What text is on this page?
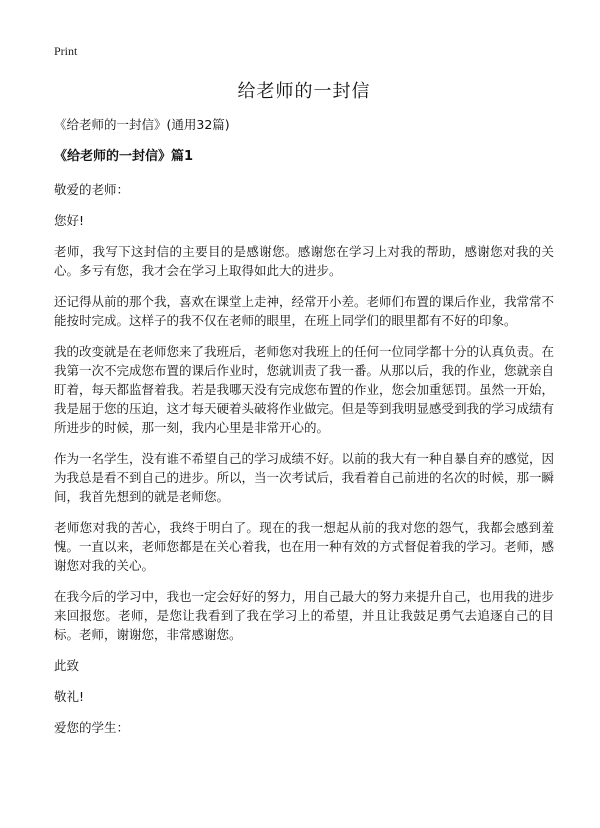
Print
给老师的一封信

《给老师的一封信》(通用32篇)

《给老师的一封信》篇1

敬爱的老师：

您好!

老师，我写下这封信的主要目的是感谢您。感谢您在学习上对我的帮助，感谢您对我的关心。多亏有您，我才会在学习上取得如此大的进步。

还记得从前的那个我，喜欢在课堂上走神，经常开小差。老师们布置的课后作业，我常常不能按时完成。这样子的我不仅在老师的眼里，在班上同学们的眼里都有不好的印象。

我的改变就是在老师您来了我班后，老师您对我班上的任何一位同学都十分的认真负责。在我第一次不完成您布置的课后作业时，您就训责了我一番。从那以后，我的作业，您就亲自盯着，每天都监督着我。若是我哪天没有完成您布置的作业，您会加重惩罚。虽然一开始，我是屈于您的压迫，这才每天硬着头破将作业做完。但是等到我明显感受到我的学习成绩有所进步的时候，那一刻，我内心里是非常开心的。

作为一名学生，没有谁不希望自己的学习成绩不好。以前的我大有一种自暴自弃的感觉，因为我总是看不到自己的进步。所以，当一次考试后，我看着自己前进的名次的时候，那一瞬间，我首先想到的就是老师您。

老师您对我的苦心，我终于明白了。现在的我一想起从前的我对您的怨气，我都会感到羞愧。一直以来，老师您都是在关心着我，也在用一种有效的方式督促着我的学习。老师，感谢您对我的关心。

在我今后的学习中，我也一定会好好的努力，用自己最大的努力来提升自己，也用我的进步来回报您。老师，是您让我看到了我在学习上的希望，并且让我鼓足勇气去追逐自己的目标。老师，谢谢您，非常感谢您。

此致

敬礼!

爱您的学生：
